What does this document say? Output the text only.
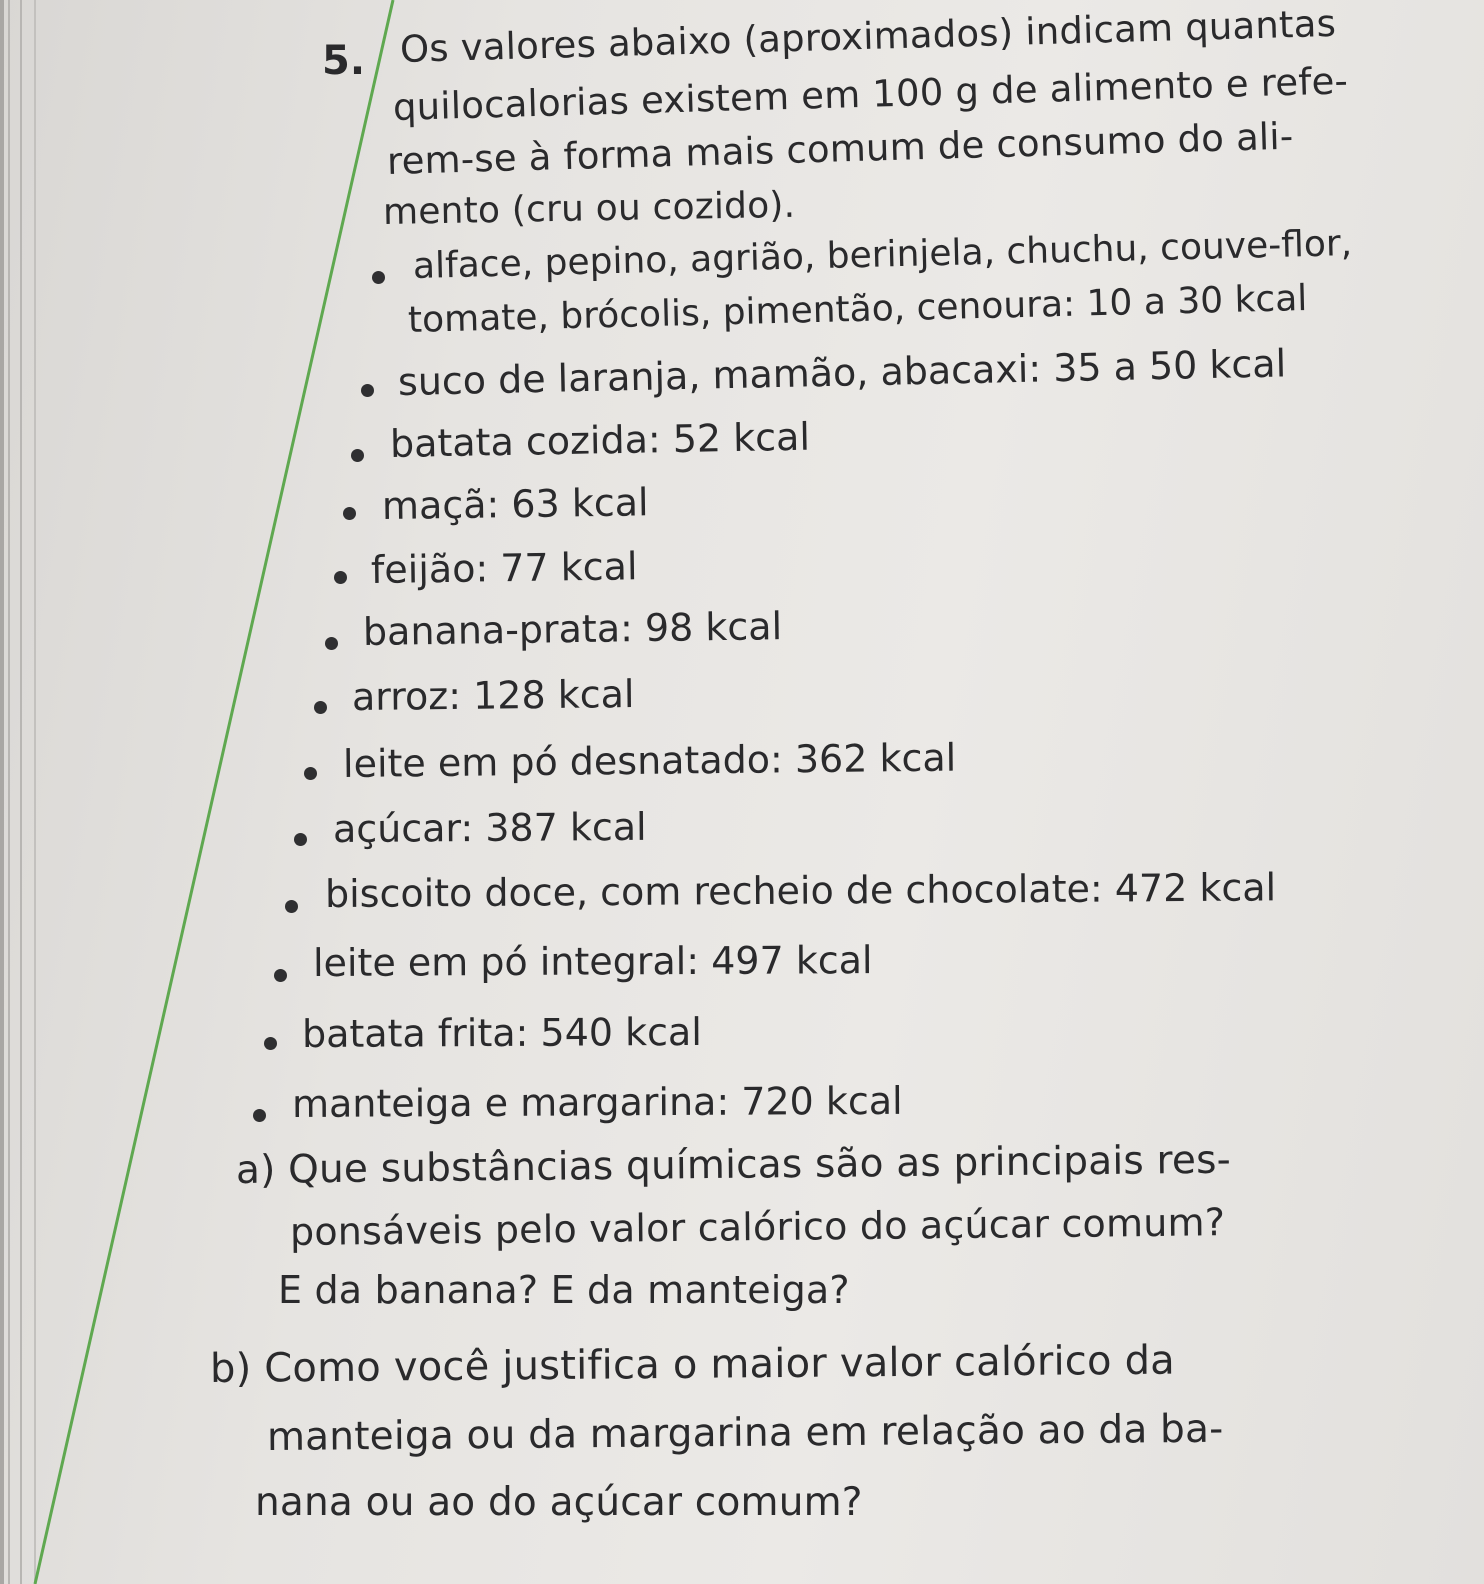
5. Os valores abaixo (aproximados) indicam quantas
quilocalorias existem em 100 g de alimento e refe-
rem-se à forma mais comum de consumo do ali-
mento (cru ou cozido).
alface, pepino, agrião, berinjela, chuchu, couve-flor,
tomate, brócolis, pimentão, cenoura: 10 a 30 kcal
suco de laranja, mamão, abacaxi: 35 a 50 kcal
batata cozida: 52 kcal
maçã: 63 kcal
feijão: 77 kcal
banana-prata: 98 kcal
arroz: 128 kcal
leite em pó desnatado: 362 kcal
açúcar: 387 kcal
biscoito doce, com recheio de chocolate: 472 kcal
leite em pó integral: 497 kcal
batata frita: 540 kcal
manteiga e margarina: 720 kcal
a) Que substâncias químicas são as principais res-
ponsáveis pelo valor calórico do açúcar comum?
E da banana? E da manteiga?
b) Como você justifica o maior valor calórico da
manteiga ou da margarina em relação ao da ba-
nana ou ao do açúcar comum?
